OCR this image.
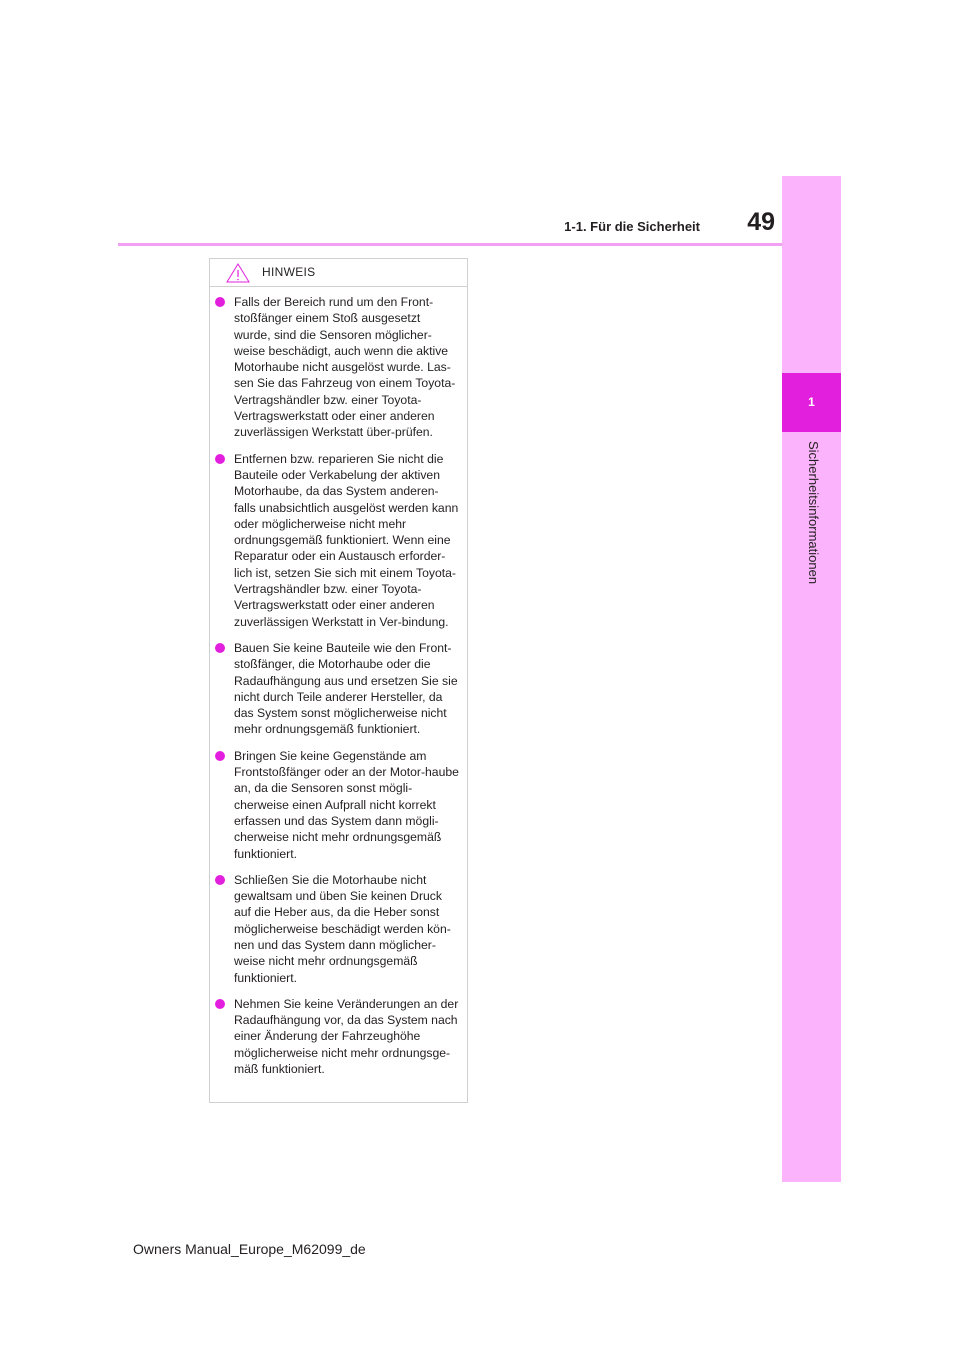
1
Sicherheitsinformationen
49
1-1. Für die Sicherheit
HINWEIS
Falls der Bereich rund um den Front-stoßfänger einem Stoß ausgesetzt wurde, sind die Sensoren möglicher-weise beschädigt, auch wenn die aktive Motorhaube nicht ausgelöst wurde. Las-sen Sie das Fahrzeug von einem Toyota-Vertragshändler bzw. einer Toyota-Vertragswerkstatt oder einer anderen zuverlässigen Werkstatt über-prüfen.
Entfernen bzw. reparieren Sie nicht die Bauteile oder Verkabelung der aktiven Motorhaube, da das System anderen-falls unabsichtlich ausgelöst werden kann oder möglicherweise nicht mehr ordnungsgemäß funktioniert. Wenn eine Reparatur oder ein Austausch erforder-lich ist, setzen Sie sich mit einem Toyota-Vertragshändler bzw. einer Toyota-Vertragswerkstatt oder einer anderen zuverlässigen Werkstatt in Ver-bindung.
Bauen Sie keine Bauteile wie den Front-stoßfänger, die Motorhaube oder die Radaufhängung aus und ersetzen Sie sie nicht durch Teile anderer Hersteller, da das System sonst möglicherweise nicht mehr ordnungsgemäß funktioniert.
Bringen Sie keine Gegenstände am Frontstoßfänger oder an der Motor-haube an, da die Sensoren sonst mögli-cherweise einen Aufprall nicht korrekt erfassen und das System dann mögli-cherweise nicht mehr ordnungsgemäß funktioniert.
Schließen Sie die Motorhaube nicht gewaltsam und üben Sie keinen Druck auf die Heber aus, da die Heber sonst möglicherweise beschädigt werden kön-nen und das System dann möglicher-weise nicht mehr ordnungsgemäß funktioniert.
Nehmen Sie keine Veränderungen an der Radaufhängung vor, da das System nach einer Änderung der Fahrzeughöhe möglicherweise nicht mehr ordnungsge-mäß funktioniert.
Owners Manual_Europe_M62099_de
